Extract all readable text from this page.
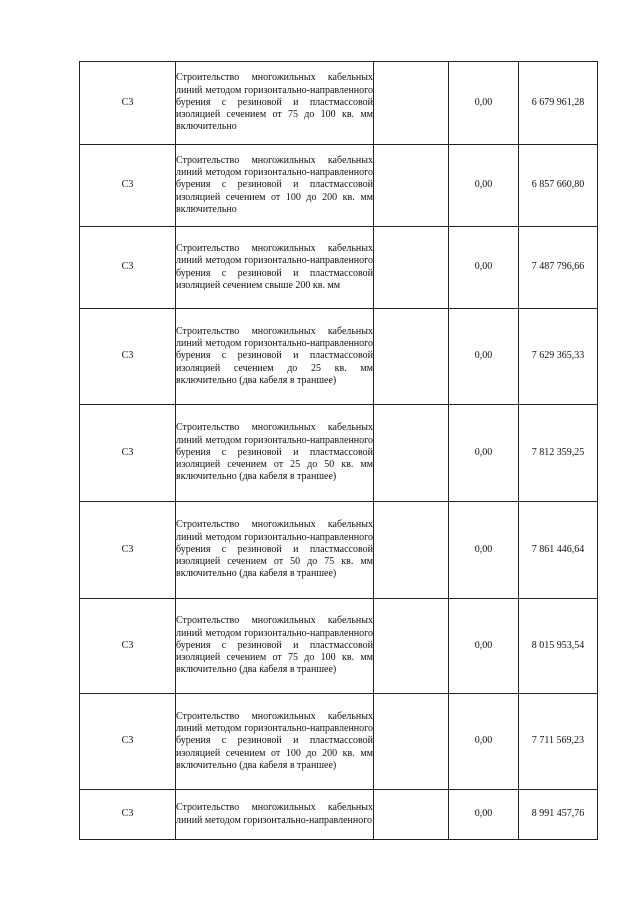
С3	Строительство многожильных кабельных линий методом горизонтально-направленного бурения с резиновой и пластмассовой изоляцией сечением от 75 до 100 кв. мм включительно		0,00	6 679 961,28
С3	Строительство многожильных кабельных линий методом горизонтально-направленного бурения с резиновой и пластмассовой изоляцией сечением от 100 до 200 кв. мм включительно		0,00	6 857 660,80
С3	Строительство многожильных кабельных линий методом горизонтально-направленного бурения с резиновой и пластмассовой изоляцией сечением свыше 200 кв. мм		0,00	7 487 796,66
С3	Строительство многожильных кабельных линий методом горизонтально-направленного бурения с резиновой и пластмассовой изоляцией сечением до 25 кв. мм включительно (два кабеля в траншее)		0,00	7 629 365,33
С3	Строительство многожильных кабельных линий методом горизонтально-направленного бурения с резиновой и пластмассовой изоляцией сечением от 25 до 50 кв. мм включительно (два кабеля в траншее)		0,00	7 812 359,25
С3	Строительство многожильных кабельных линий методом горизонтально-направленного бурения с резиновой и пластмассовой изоляцией сечением от 50 до 75 кв. мм включительно (два кабеля в траншее)		0,00	7 861 446,64
С3	Строительство многожильных кабельных линий методом горизонтально-направленного бурения с резиновой и пластмассовой изоляцией сечением от 75 до 100 кв. мм включительно (два кабеля в траншее)		0,00	8 015 953,54
С3	Строительство многожильных кабельных линий методом горизонтально-направленного бурения с резиновой и пластмассовой изоляцией сечением от 100 до 200 кв. мм включительно (два кабеля в траншее)		0,00	7 711 569,23
С3	Строительство многожильных кабельных линий методом горизонтально-направленного		0,00	8 991 457,76
